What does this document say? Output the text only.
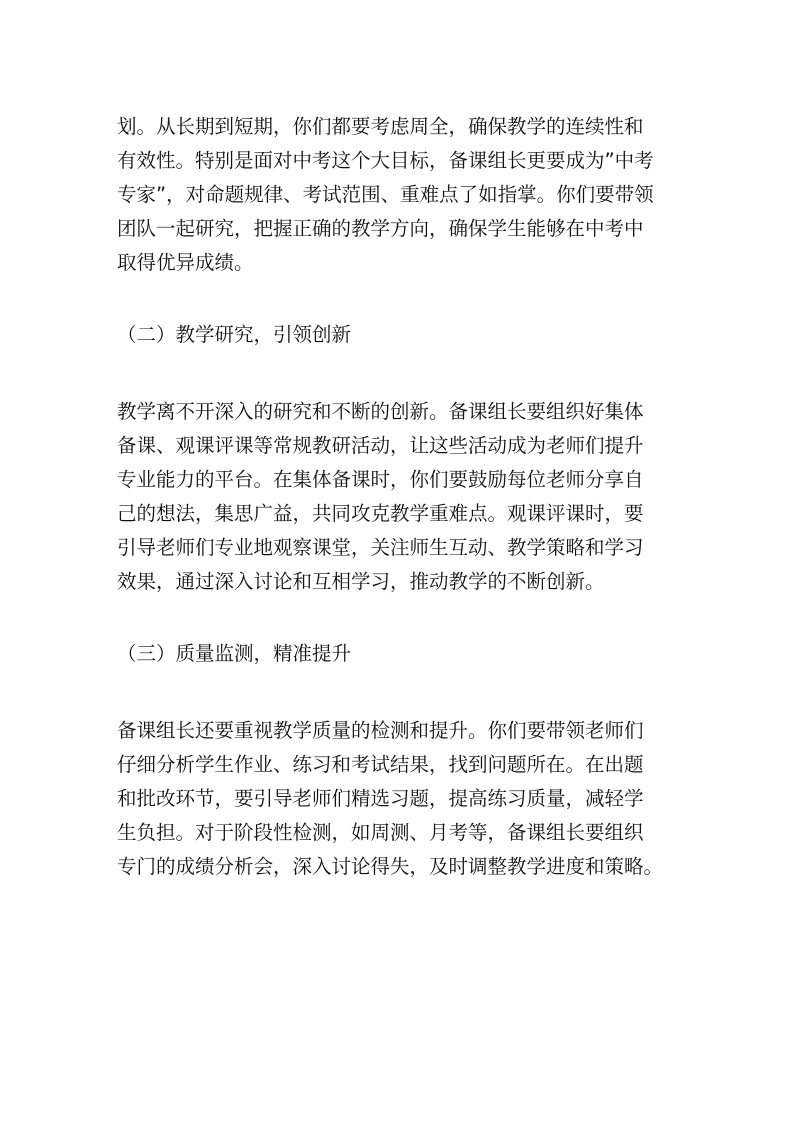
划。从长期到短期，你们都要考虑周全，确保教学的连续性和
有效性。特别是面对中考这个大目标，备课组长更要成为”中考
专家”，对命题规律、考试范围、重难点了如指掌。你们要带领
团队一起研究，把握正确的教学方向，确保学生能够在中考中
取得优异成绩。

（二）教学研究，引领创新

教学离不开深入的研究和不断的创新。备课组长要组织好集体
备课、观课评课等常规教研活动，让这些活动成为老师们提升
专业能力的平台。在集体备课时，你们要鼓励每位老师分享自
己的想法，集思广益，共同攻克教学重难点。观课评课时，要
引导老师们专业地观察课堂，关注师生互动、教学策略和学习
效果，通过深入讨论和互相学习，推动教学的不断创新。

（三）质量监测，精准提升

备课组长还要重视教学质量的检测和提升。你们要带领老师们
仔细分析学生作业、练习和考试结果，找到问题所在。在出题
和批改环节，要引导老师们精选习题，提高练习质量，减轻学
生负担。对于阶段性检测，如周测、月考等，备课组长要组织
专门的成绩分析会，深入讨论得失，及时调整教学进度和策略。
